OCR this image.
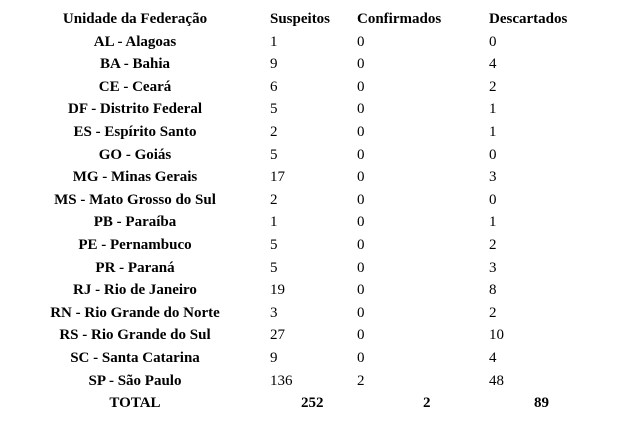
Unidade da Federação	Suspeitos	Confirmados	Descartados
AL - Alagoas	1	0	0
BA - Bahia	9	0	4
CE - Ceará	6	0	2
DF - Distrito Federal	5	0	1
ES - Espírito Santo	2	0	1
GO - Goiás	5	0	0
MG - Minas Gerais	17	0	3
MS - Mato Grosso do Sul	2	0	0
PB - Paraíba	1	0	1
PE - Pernambuco	5	0	2
PR - Paraná	5	0	3
RJ - Rio de Janeiro	19	0	8
RN - Rio Grande do Norte	3	0	2
RS - Rio Grande do Sul	27	0	10
SC - Santa Catarina	9	0	4
SP - São Paulo	136	2	48
TOTAL	252	2	89
